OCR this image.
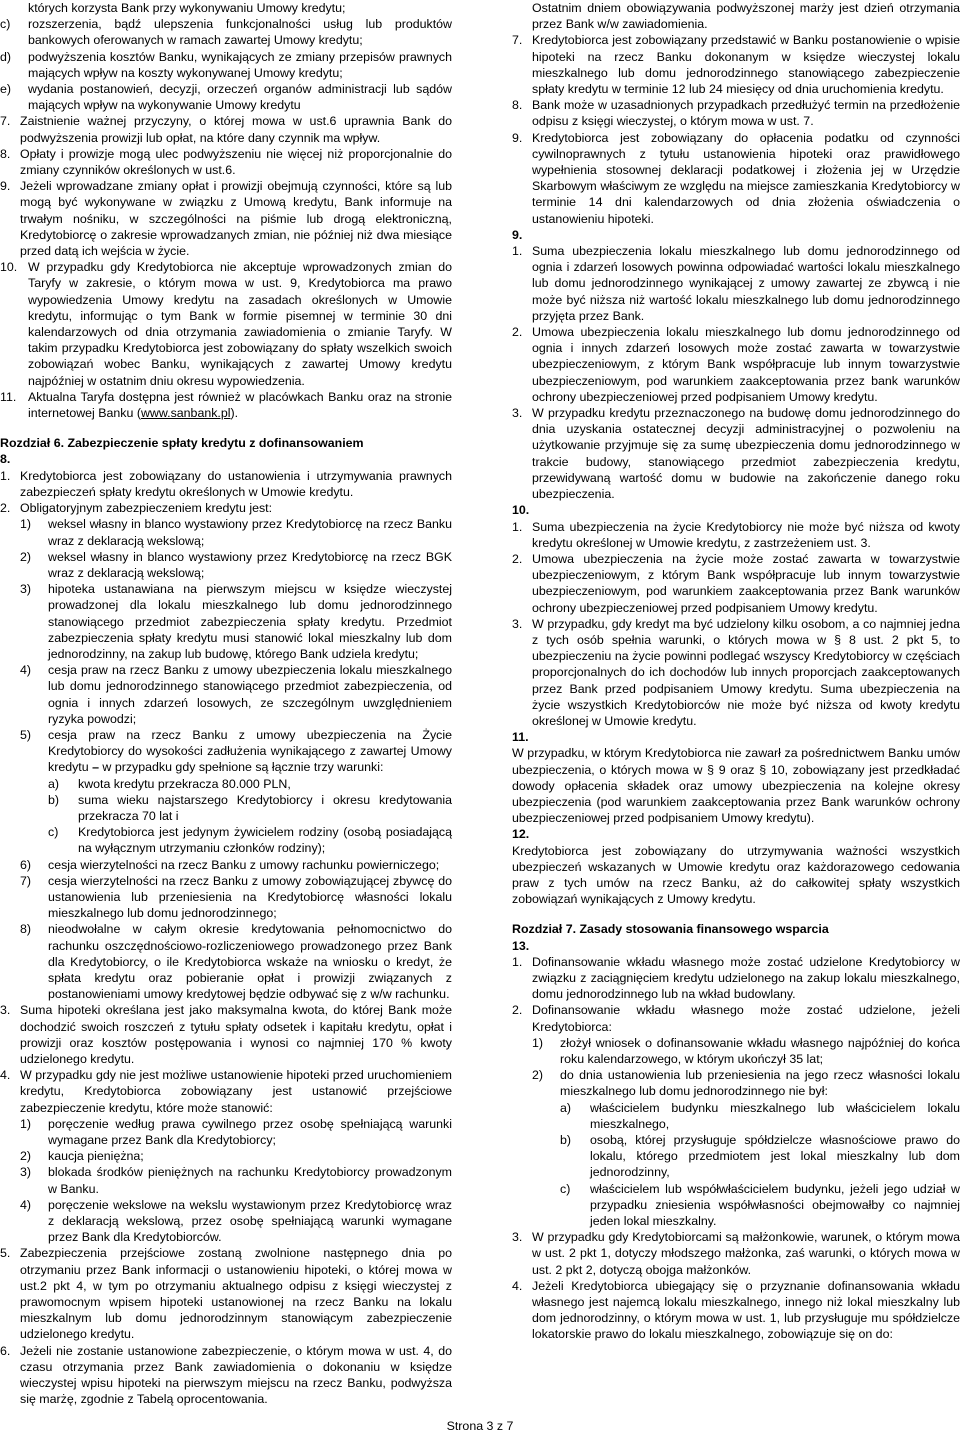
których korzysta Bank przy wykonywaniu Umowy kredytu;

c)	rozszerzenia, bądź ulepszenia funkcjonalności usług lub produktów bankowych oferowanych w ramach zawartej Umowy kredytu;
d)	podwyższenia kosztów Banku, wynikających ze zmiany przepisów prawnych mających wpływ na koszty wykonywanej Umowy kredytu;
e)	wydania postanowień, decyzji, orzeczeń organów administracji lub sądów mających wpływ na wykonywanie Umowy kredytu
7. Zaistnienie ważnej przyczyny, o której mowa w ust.6 uprawnia Bank do podwyższenia prowizji lub opłat, na które dany czynnik ma wpływ.
8. Opłaty i prowizje mogą ulec podwyższeniu nie więcej niż proporcjonalnie do zmiany czynników określonych w ust.6.
9. Jeżeli wprowadzane zmiany opłat i prowizji obejmują czynności, które są lub mogą być wykonywane w związku z Umową kredytu, Bank informuje na trwałym nośniku, w szczególności na piśmie lub drogą elektroniczną, Kredytobiorcę o zakresie wprowadzanych zmian, nie później niż dwa miesiące przed datą ich wejścia w życie.
10. W przypadku gdy Kredytobiorca nie akceptuje wprowadzonych zmian do Taryfy w zakresie, o którym mowa w ust. 9, Kredytobiorca ma prawo wypowiedzenia Umowy kredytu na zasadach określonych w Umowie kredytu, informując o tym Bank w formie pisemnej w terminie 30 dni kalendarzowych od dnia otrzymania zawiadomienia o zmianie Taryfy. W takim przypadku Kredytobiorca jest zobowiązany do spłaty wszelkich swoich zobowiązań wobec Banku, wynikających z zawartej Umowy kredytu najpóźniej w ostatnim dniu okresu wypowiedzenia.
11. Aktualna Taryfa dostępna jest również w placówkach Banku oraz na stronie internetowej Banku (www.sanbank.pl).

Rozdział 6. Zabezpieczenie spłaty kredytu z dofinansowaniem

8.

1. Kredytobiorca jest zobowiązany do ustanowienia i utrzymywania prawnych zabezpieczeń spłaty kredytu określonych w Umowie kredytu.
2. Obligatoryjnym zabezpieczeniem kredytu jest:
1)	weksel własny in blanco wystawiony przez Kredytobiorcę na rzecz Banku wraz z deklaracją wekslową;
2)	weksel własny in blanco wystawiony przez Kredytobiorcę na rzecz BGK wraz z deklaracją wekslową;
3)	hipoteka ustanawiana na pierwszym miejscu w księdze wieczystej prowadzonej dla lokalu mieszkalnego lub domu jednorodzinnego stanowiącego przedmiot zabezpieczenia spłaty kredytu. Przedmiot zabezpieczenia spłaty kredytu musi stanowić lokal mieszkalny lub dom jednorodzinny, na zakup lub budowę, którego Bank udziela kredytu;
4)	cesja praw na rzecz Banku z umowy ubezpieczenia lokalu mieszkalnego lub domu jednorodzinnego stanowiącego przedmiot zabezpieczenia, od ognia i innych zdarzeń losowych, ze szczególnym uwzględnieniem ryzyka powodzi;
5)	cesja praw na rzecz Banku z umowy ubezpieczenia na Życie Kredytobiorcy do wysokości zadłużenia wynikającego z zawartej Umowy kredytu – w przypadku gdy spełnione są łącznie trzy warunki:
a)	kwota kredytu przekracza 80.000 PLN,
b)	suma wieku najstarszego Kredytobiorcy i okresu kredytowania przekracza 70 lat i
c)	Kredytobiorca jest jedynym żywicielem rodziny (osobą posiadającą na wyłącznym utrzymaniu członków rodziny);
6)	cesja wierzytelności na rzecz Banku z umowy rachunku powierniczego;
7)	cesja wierzytelności na rzecz Banku z umowy zobowiązującej zbywcę do ustanowienia lub przeniesienia na Kredytobiorcę własności lokalu mieszkalnego lub domu jednorodzinnego;
8)	nieodwołalne w całym okresie kredytowania pełnomocnictwo do rachunku oszczędnościowo-rozliczeniowego prowadzonego przez Bank dla Kredytobiorcy, o ile Kredytobiorca wskaże na wniosku o kredyt, że spłata kredytu oraz pobieranie opłat i prowizji związanych z postanowieniami umowy kredytowej będzie odbywać się z w/w rachunku.
3. Suma hipoteki określana jest jako maksymalna kwota, do której Bank może dochodzić swoich roszczeń z tytułu spłaty odsetek i kapitału kredytu, opłat i prowizji oraz kosztów postępowania i wynosi co najmniej 170 % kwoty udzielonego kredytu.
4. W przypadku gdy nie jest możliwe ustanowienie hipoteki przed uruchomieniem kredytu, Kredytobiorca zobowiązany jest ustanowić przejściowe zabezpieczenie kredytu, które może stanowić:
1)	poręczenie według prawa cywilnego przez osobę spełniającą warunki wymagane przez Bank dla Kredytobiorcy;
2)	kaucja pieniężna;
3)	blokada środków pieniężnych na rachunku Kredytobiorcy prowadzonym w Banku.
4)	poręczenie wekslowe na wekslu wystawionym przez Kredytobiorcę wraz z deklaracją wekslową, przez osobę spełniającą warunki wymagane przez Bank dla Kredytobiorców.
5. Zabezpieczenia przejściowe zostaną zwolnione następnego dnia po otrzymaniu przez Bank informacji o ustanowieniu hipoteki, o której mowa w ust.2 pkt 4, w tym po otrzymaniu aktualnego odpisu z księgi wieczystej z prawomocnym wpisem hipoteki ustanowionej na rzecz Banku na lokalu mieszkalnym lub domu jednorodzinnym stanowiącym zabezpieczenie udzielonego kredytu.
6. Jeżeli nie zostanie ustanowione zabezpieczenie, o którym mowa w ust. 4, do czasu otrzymania przez Bank zawiadomienia o dokonaniu w księdze wieczystej wpisu hipoteki na pierwszym miejscu na rzecz Banku, podwyższa się marżę, zgodnie z Tabelą oprocentowania.

Ostatnim dniem obowiązywania podwyższonej marży jest dzień otrzymania przez Bank w/w zawiadomienia.

7. Kredytobiorca jest zobowiązany przedstawić w Banku postanowienie o wpisie hipoteki na rzecz Banku dokonanym w księdze wieczystej lokalu mieszkalnego lub domu jednorodzinnego stanowiącego zabezpieczenie spłaty kredytu w terminie 12 lub 24 miesięcy od dnia uruchomienia kredytu.
8. Bank może w uzasadnionych przypadkach przedłużyć termin na przedłożenie odpisu z księgi wieczystej, o którym mowa w ust. 7.
9. Kredytobiorca jest zobowiązany do opłacenia podatku od czynności cywilnoprawnych z tytułu ustanowienia hipoteki oraz prawidłowego wypełnienia stosownej deklaracji podatkowej i złożenia jej w Urzędzie Skarbowym właściwym ze względu na miejsce zamieszkania Kredytobiorcy w terminie 14 dni kalendarzowych od dnia złożenia oświadczenia o ustanowieniu hipoteki.

9.

1. Suma ubezpieczenia lokalu mieszkalnego lub domu jednorodzinnego od ognia i zdarzeń losowych powinna odpowiadać wartości lokalu mieszkalnego lub domu jednorodzinnego wynikającej z umowy zawartej ze zbywcą i nie może być niższa niż wartość lokalu mieszkalnego lub domu jednorodzinnego przyjęta przez Bank.
2. Umowa ubezpieczenia lokalu mieszkalnego lub domu jednorodzinnego od ognia i innych zdarzeń losowych może zostać zawarta w towarzystwie ubezpieczeniowym, z którym Bank współpracuje lub innym towarzystwie ubezpieczeniowym, pod warunkiem zaakceptowania przez bank warunków ochrony ubezpieczeniowej przed podpisaniem Umowy kredytu.
3. W przypadku kredytu przeznaczonego na budowę domu jednorodzinnego do dnia uzyskania ostatecznej decyzji administracyjnej o pozwoleniu na użytkowanie przyjmuje się za sumę ubezpieczenia domu jednorodzinnego w trakcie budowy, stanowiącego przedmiot zabezpieczenia kredytu, przewidywaną wartość domu w budowie na zakończenie danego roku ubezpieczenia.

10.

1. Suma ubezpieczenia na życie Kredytobiorcy nie może być niższa od kwoty kredytu określonej w Umowie kredytu, z zastrzeżeniem ust. 3.
2. Umowa ubezpieczenia na życie może zostać zawarta w towarzystwie ubezpieczeniowym, z którym Bank współpracuje lub innym towarzystwie ubezpieczeniowym, pod warunkiem zaakceptowania przez Bank warunków ochrony ubezpieczeniowej przed podpisaniem Umowy kredytu.
3. W przypadku, gdy kredyt ma być udzielony kilku osobom, a co najmniej jedna z tych osób spełnia warunki, o których mowa w § 8 ust. 2 pkt 5, to ubezpieczeniu na życie powinni podlegać wszyscy Kredytobiorcy w częściach proporcjonalnych do ich dochodów lub innych proporcjach zaakceptowanych przez Bank przed podpisaniem Umowy kredytu. Suma ubezpieczenia na życie wszystkich Kredytobiorców nie może być niższa od kwoty kredytu określonej w Umowie kredytu.

11.

W przypadku, w którym Kredytobiorca nie zawarł za pośrednictwem Banku umów ubezpieczenia, o których mowa w § 9 oraz § 10, zobowiązany jest przedkładać dowody opłacenia składek oraz umowy ubezpieczenia na kolejne okresy ubezpieczenia (pod warunkiem zaakceptowania przez Bank warunków ochrony ubezpieczeniowej przed podpisaniem Umowy kredytu).

12.

Kredytobiorca jest zobowiązany do utrzymywania ważności wszystkich ubezpieczeń wskazanych w Umowie kredytu oraz każdorazowego cedowania praw z tych umów na rzecz Banku, aż do całkowitej spłaty wszystkich zobowiązań wynikających z Umowy kredytu.

Rozdział 7. Zasady stosowania finansowego wsparcia

13.

1. Dofinansowanie wkładu własnego może zostać udzielone Kredytobiorcy w związku z zaciągnięciem kredytu udzielonego na zakup lokalu mieszkalnego, domu jednorodzinnego lub na wkład budowlany.
2. Dofinansowanie wkładu własnego może zostać udzielone, jeżeli Kredytobiorca:
1)	złożył wniosek o dofinansowanie wkładu własnego najpóźniej do końca roku kalendarzowego, w którym ukończył 35 lat;
2)	do dnia ustanowienia lub przeniesienia na jego rzecz własności lokalu mieszkalnego lub domu jednorodzinnego nie był:
a)	właścicielem budynku mieszkalnego lub właścicielem lokalu mieszkalnego,
b)	osobą, której przysługuje spółdzielcze własnościowe prawo do lokalu, którego przedmiotem jest lokal mieszkalny lub dom jednorodzinny,
c)	właścicielem lub współwłaścicielem budynku, jeżeli jego udział w przypadku zniesienia współwłasności obejmowałby co najmniej jeden lokal mieszkalny.
3. W przypadku gdy Kredytobiorcami są małżonkowie, warunek, o którym mowa w ust. 2 pkt 1, dotyczy młodszego małżonka, zaś warunki, o których mowa w ust. 2 pkt 2, dotyczą obojga małżonków.
4. Jeżeli Kredytobiorca ubiegający się o przyznanie dofinansowania wkładu własnego jest najemcą lokalu mieszkalnego, innego niż lokal mieszkalny lub dom jednorodzinny, o którym mowa w ust. 1, lub przysługuje mu spółdzielcze lokatorskie prawo do lokalu mieszkalnego, zobowiązuje się on do:
Strona 3 z 7
